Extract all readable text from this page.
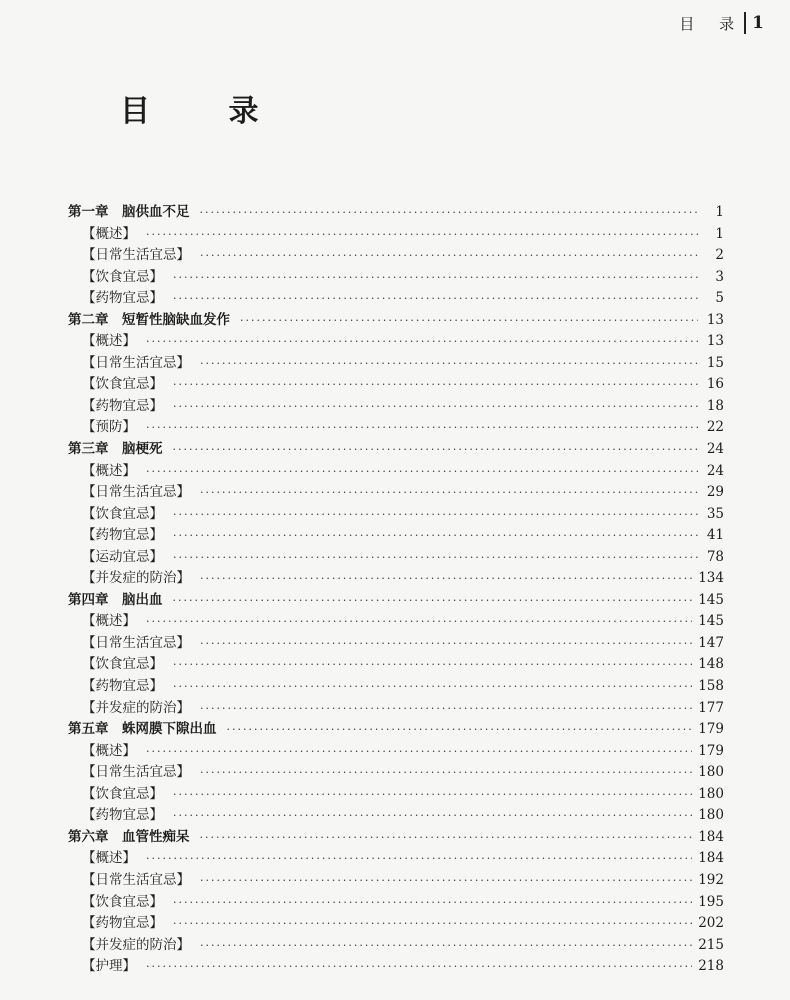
目 录 1
目 录
第一章　脑供血不足 ·····	1
【概述】 ·····	1
【日常生活宜忌】 ·····	2
【饮食宜忌】 ·····	3
【药物宜忌】 ·····	5
第二章　短暂性脑缺血发作 ·····	13
【概述】 ·····	13
【日常生活宜忌】 ·····	15
【饮食宜忌】 ·····	16
【药物宜忌】 ·····	18
【预防】 ·····	22
第三章　脑梗死 ·····	24
【概述】 ·····	24
【日常生活宜忌】 ·····	29
【饮食宜忌】 ·····	35
【药物宜忌】 ·····	41
【运动宜忌】 ·····	78
【并发症的防治】 ·····	134
第四章　脑出血 ·····	145
【概述】 ·····	145
【日常生活宜忌】 ·····	147
【饮食宜忌】 ·····	148
【药物宜忌】 ·····	158
【并发症的防治】 ·····	177
第五章　蛛网膜下隙出血 ·····	179
【概述】 ·····	179
【日常生活宜忌】 ·····	180
【饮食宜忌】 ·····	180
【药物宜忌】 ·····	180
第六章　血管性痴呆 ·····	184
【概述】 ·····	184
【日常生活宜忌】 ·····	192
【饮食宜忌】 ·····	195
【药物宜忌】 ·····	202
【并发症的防治】 ·····	215
【护理】 ·····	218
